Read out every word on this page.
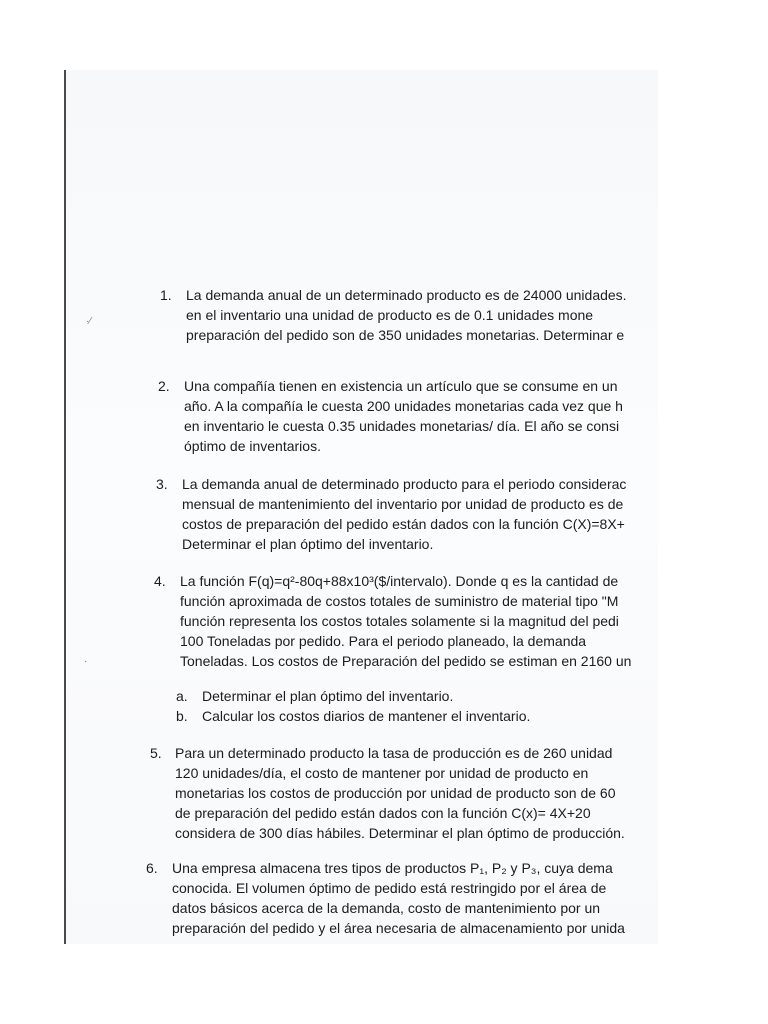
·⁄
·
1. La demanda anual de un determinado producto es de 24000 unidades.
en el inventario una unidad de producto es de 0.1 unidades mone
preparación del pedido son de 350 unidades monetarias. Determinar e
2. Una compañía tienen en existencia un artículo que se consume en un
año. A la compañía le cuesta 200 unidades monetarias cada vez que h
en inventario le cuesta 0.35 unidades monetarias/ día. El año se consi
óptimo de inventarios.
3. La demanda anual de determinado producto para el periodo considerac
mensual de mantenimiento del inventario por unidad de producto es de
costos de preparación del pedido están dados con la función C(X)=8X+
Determinar el plan óptimo del inventario.
4. La función F(q)=q²-80q+88x10³($/intervalo). Donde q es la cantidad de
función aproximada de costos totales de suministro de material tipo "M
función representa los costos totales solamente si la magnitud del pedi
100 Toneladas por pedido. Para el periodo planeado, la demanda
Toneladas. Los costos de Preparación del pedido se estiman en 2160 un
a. Determinar el plan óptimo del inventario.
b. Calcular los costos diarios de mantener el inventario.
5. Para un determinado producto la tasa de producción es de 260 unidad
120 unidades/día, el costo de mantener por unidad de producto en
monetarias los costos de producción por unidad de producto son de 60
de preparación del pedido están dados con la función C(x)= 4X+20
considera de 300 días hábiles. Determinar el plan óptimo de producción.
6. Una empresa almacena tres tipos de productos P₁, P₂ y P₃, cuya dema
conocida. El volumen óptimo de pedido está restringido por el área de
datos básicos acerca de la demanda, costo de mantenimiento por un
preparación del pedido y el área necesaria de almacenamiento por unida
